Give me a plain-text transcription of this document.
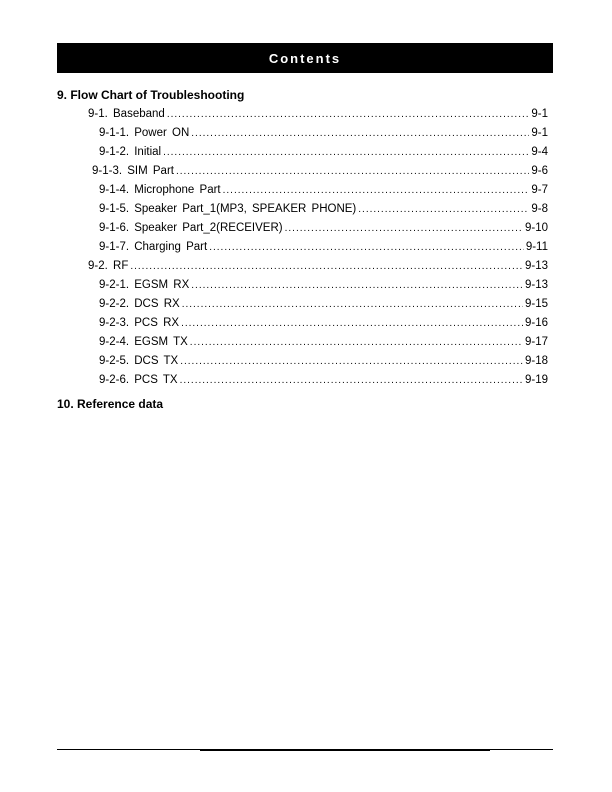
Contents
9. Flow Chart of Troubleshooting
9-1. Baseband .....	9-1
9-1-1. Power ON .....	9-1
9-1-2. Initial .....	9-4
9-1-3. SIM Part .....	9-6
9-1-4. Microphone Part .....	9-7
9-1-5. Speaker Part_1(MP3, SPEAKER PHONE) .....	9-8
9-1-6. Speaker Part_2(RECEIVER) .....	9-10
9-1-7. Charging Part .....	9-11
9-2. RF .....	9-13
9-2-1. EGSM RX .....	9-13
9-2-2. DCS RX .....	9-15
9-2-3. PCS RX .....	9-16
9-2-4. EGSM TX .....	9-17
9-2-5. DCS TX .....	9-18
9-2-6. PCS TX .....	9-19
10. Reference data
